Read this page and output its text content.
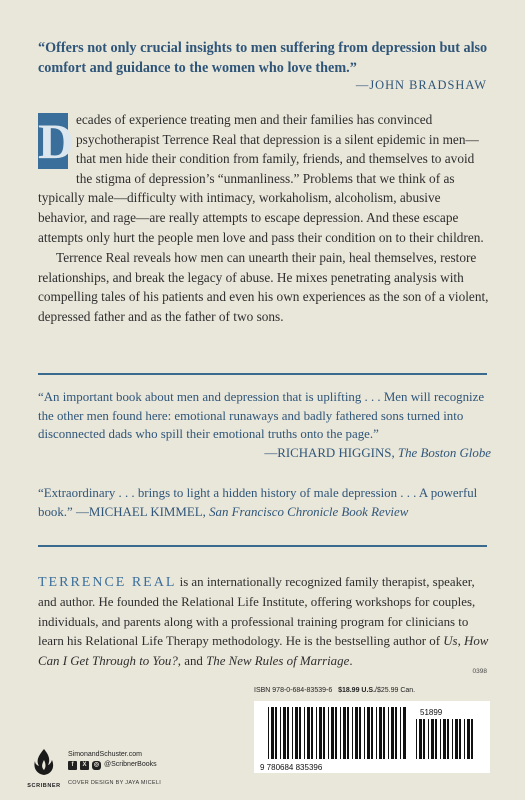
“Offers not only crucial insights to men suffering from depression but also comfort and guidance to the women who love them.”
—JOHN BRADSHAW

D ecades of experience treating men and their families has convinced psychotherapist Terrence Real that depression is a silent epidemic in men—that men hide their condition from family, friends, and themselves to avoid the stigma of depression’s “unmanliness.” Problems that we think of as typically male—difficulty with intimacy, workaholism, alcoholism, abusive behavior, and rage—are really attempts to escape depression. And these escape attempts only hurt the people men love and pass their condition on to their children.

Terrence Real reveals how men can unearth their pain, heal themselves, restore relationships, and break the legacy of abuse. He mixes penetrating analysis with compelling tales of his patients and even his own experiences as the son of a violent, depressed father and as the father of two sons.

“An important book about men and depression that is uplifting . . . Men will recognize the other men found here: emotional runaways and badly fathered sons turned into disconnected dads who spill their emotional truths onto the page.”
—RICHARD HIGGINS, The Boston Globe
“Extraordinary . . . brings to light a hidden history of male depression . . . A powerful book.” —MICHAEL KIMMEL, San Francisco Chronicle Book Review
TERRENCE REAL is an internationally recognized family therapist, speaker, and author. He founded the Relational Life Institute, offering workshops for couples, individuals, and parents along with a professional training program for clinicians to learn his Relational Life Therapy methodology. He is the bestselling author of Us, How Can I Get Through to You?, and The New Rules of Marriage.
0398
SCRIBNER
SimonandSchuster.com
f	X	◎ @ScribnerBooks
COVER DESIGN BY JAYA MICELI
ISBN 978-0-684-83539-6 $18.99 U.S./$25.99 Can.
51899
9 780684 835396
